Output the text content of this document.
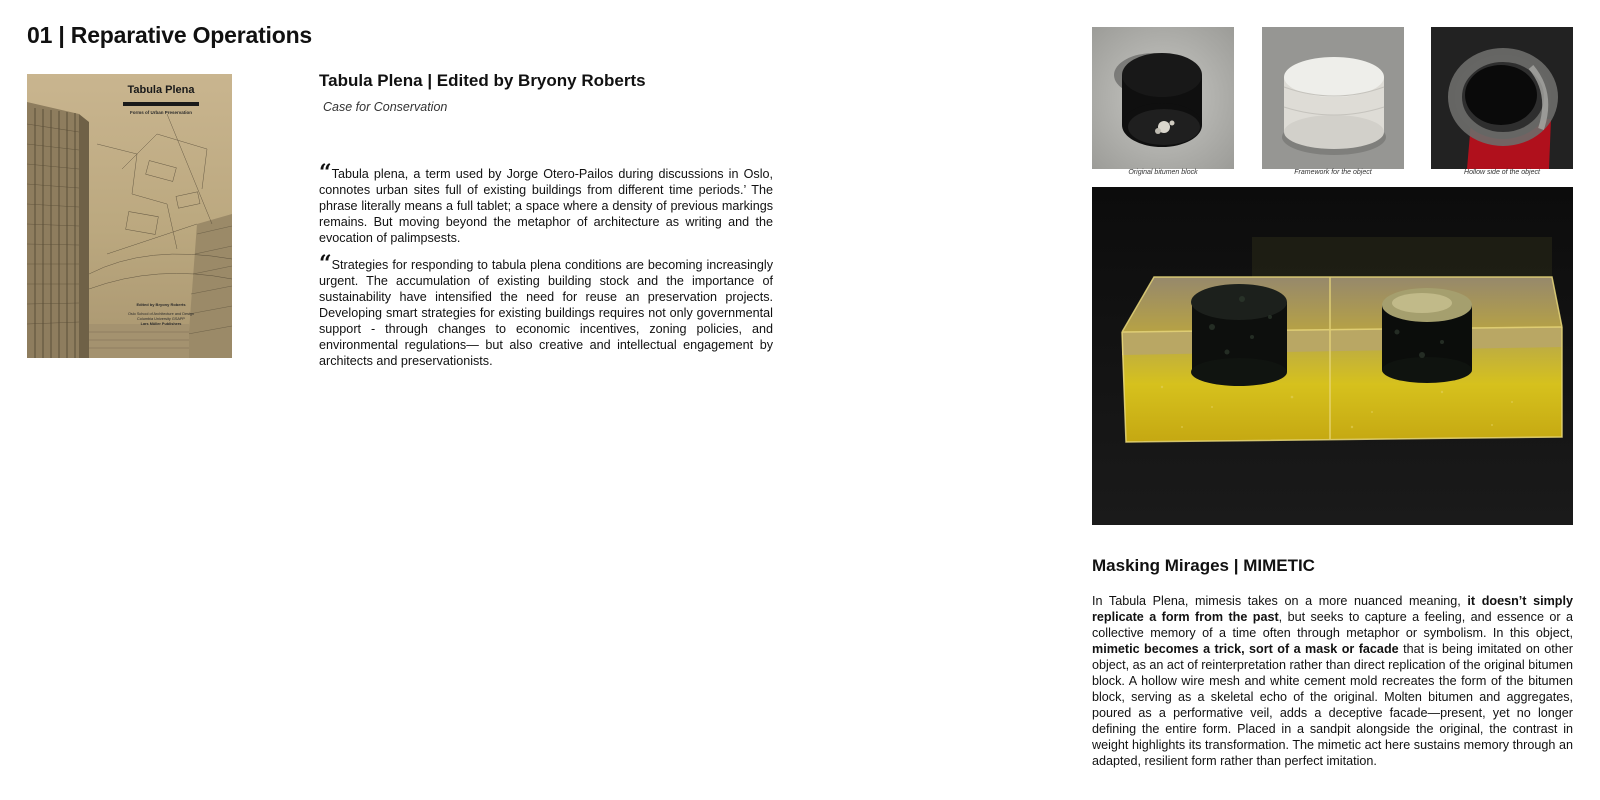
01 | Reparative Operations
Tabula Plena
Forms of Urban Preservation
Edited by Bryony Roberts
Oslo School of Architecture and Design
Columbia University GSAPP
Lars Müller Publishers
Tabula Plena | Edited by Bryony Roberts
Case for Conservation

“Tabula plena, a term used by Jorge Otero-Pailos during discussions in Oslo, connotes urban sites full of existing buildings from different time periods.’ The phrase literally means a full tablet; a space where a density of previous markings remains. But moving beyond the metaphor of architecture as writing and the evocation of palimpsests.

“Strategies for responding to tabula plena conditions are becoming increasingly urgent. The accumulation of existing building stock and the importance of sustainability have intensified the need for reuse an preservation projects. Developing smart strategies for existing buildings requires not only governmental support - through changes to economic incentives, zoning policies, and environmental regulations— but also creative and intellectual engagement by architects and preservationists.

Original bitumen block	Framework for the object	Hollow side of the object
Masking Mirages | MIMETIC

In Tabula Plena, mimesis takes on a more nuanced meaning, it doesn’t simply replicate a form from the past, but seeks to capture a feeling, and essence or a collective memory of a time often through metaphor or symbolism. In this object, mimetic becomes a trick, sort of a mask or facade that is being imitated on other object, as an act of reinterpretation rather than direct replication of the original bitumen block. A hollow wire mesh and white cement mold recreates the form of the bitumen block, serving as a skeletal echo of the original. Molten bitumen and aggregates, poured as a performative veil, adds a deceptive facade—present, yet no longer defining the entire form. Placed in a sandpit alongside the original, the contrast in weight highlights its transformation. The mimetic act here sustains memory through an adapted, resilient form rather than perfect imitation.
